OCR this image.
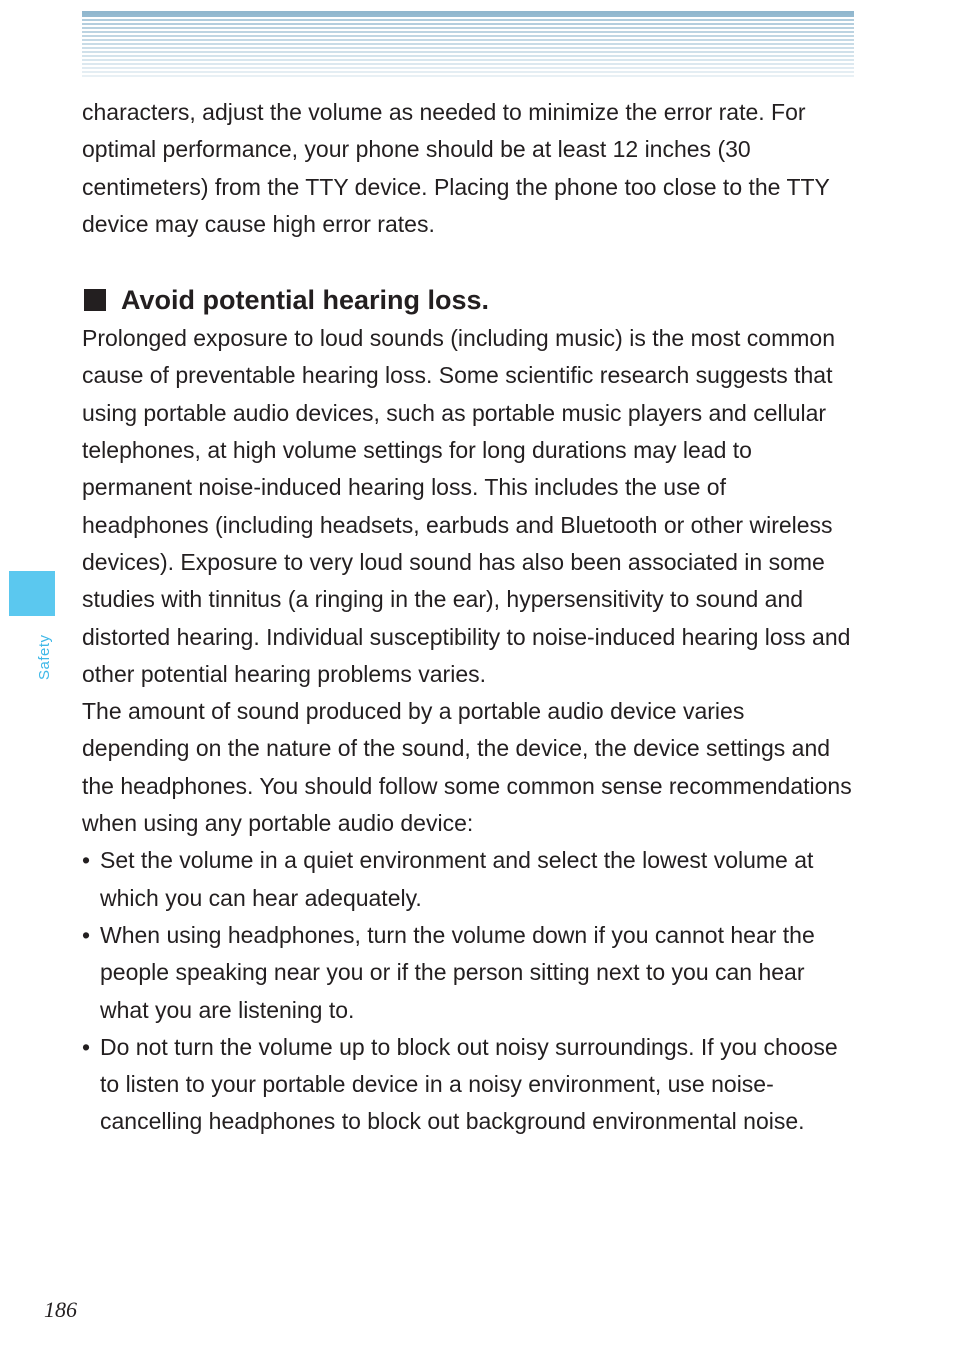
Safety

characters, adjust the volume as needed to minimize the error rate. For optimal performance, your phone should be at least 12 inches (30 centimeters) from the TTY device. Placing the phone too close to the TTY device may cause high error rates.

Avoid potential hearing loss.

Prolonged exposure to loud sounds (including music) is the most common cause of preventable hearing loss. Some scientific research suggests that using portable audio devices, such as portable music players and cellular telephones, at high volume settings for long durations may lead to permanent noise-induced hearing loss. This includes the use of headphones (including headsets, earbuds and Bluetooth or other wireless devices). Exposure to very loud sound has also been associated in some studies with tinnitus (a ringing in the ear), hypersensitivity to sound and distorted hearing. Individual susceptibility to noise-induced hearing loss and other potential hearing problems varies.

The amount of sound produced by a portable audio device varies depending on the nature of the sound, the device, the device settings and the headphones. You should follow some common sense recommendations when using any portable audio device:

• Set the volume in a quiet environment and select the lowest volume at which you can hear adequately.
• When using headphones, turn the volume down if you cannot hear the people speaking near you or if the person sitting next to you can hear what you are listening to.
• Do not turn the volume up to block out noisy surroundings. If you choose to listen to your portable device in a noisy environment, use noise-cancelling headphones to block out background environmental noise.
186
